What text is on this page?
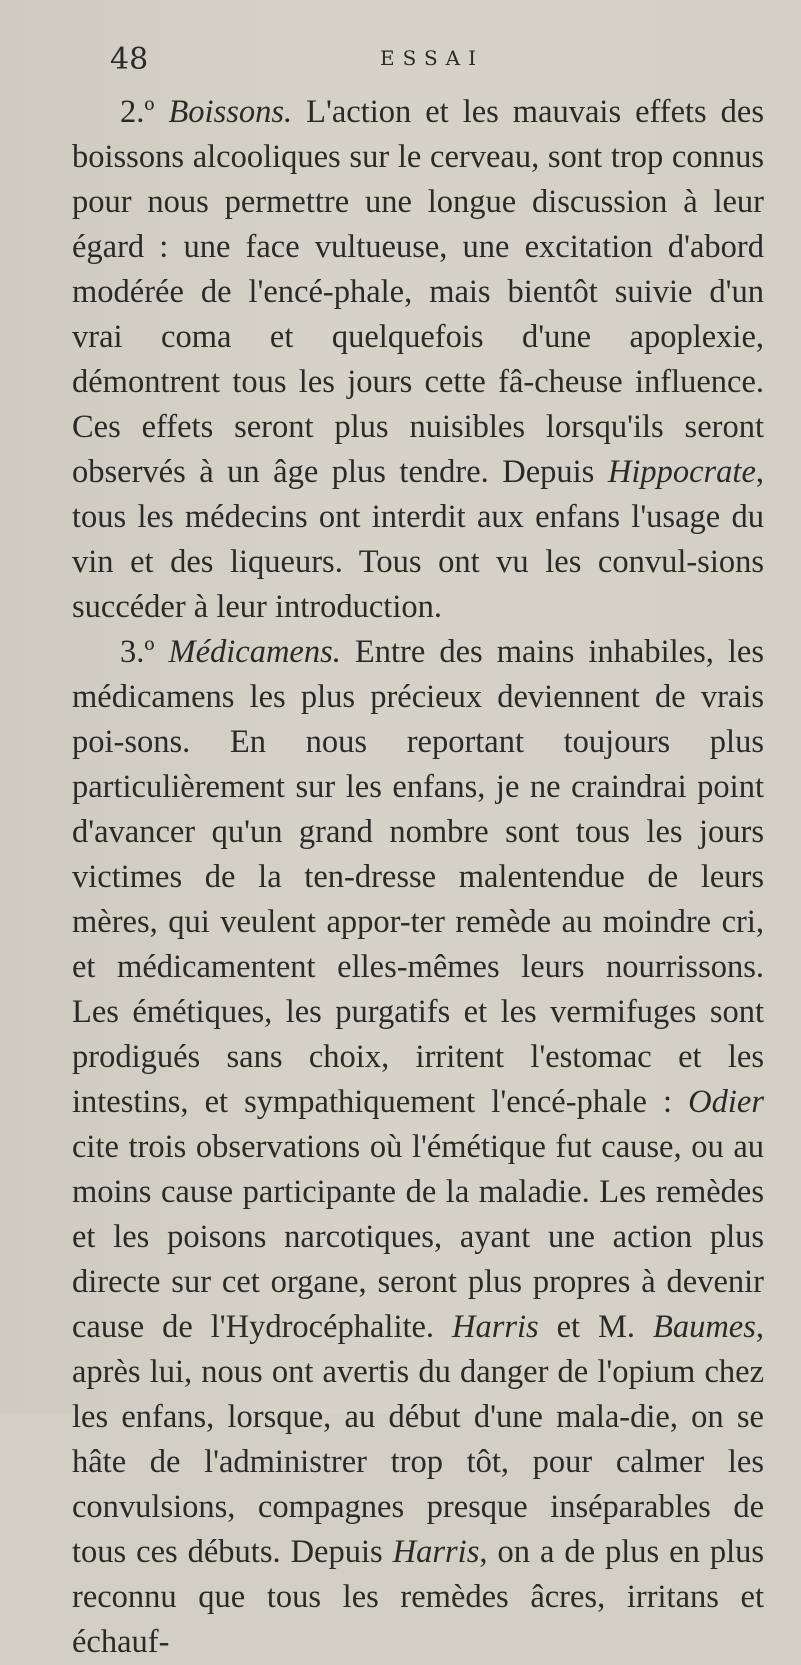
48	ESSAI

2.º Boissons. L'action et les mauvais effets des boissons alcooliques sur le cerveau, sont trop connus pour nous permettre une longue discussion à leur égard : une face vultueuse, une excitation d'abord modérée de l'encé-phale, mais bientôt suivie d'un vrai coma et quelquefois d'une apoplexie, démontrent tous les jours cette fâ-cheuse influence. Ces effets seront plus nuisibles lorsqu'ils seront observés à un âge plus tendre. Depuis Hippocrate, tous les médecins ont interdit aux enfans l'usage du vin et des liqueurs. Tous ont vu les convul-sions succéder à leur introduction.

3.º Médicamens. Entre des mains inhabiles, les médicamens les plus précieux deviennent de vrais poi-sons. En nous reportant toujours plus particulièrement sur les enfans, je ne craindrai point d'avancer qu'un grand nombre sont tous les jours victimes de la ten-dresse malentendue de leurs mères, qui veulent appor-ter remède au moindre cri, et médicamentent elles-mêmes leurs nourrissons. Les émétiques, les purgatifs et les vermifuges sont prodigués sans choix, irritent l'estomac et les intestins, et sympathiquement l'encé-phale : Odier cite trois observations où l'émétique fut cause, ou au moins cause participante de la maladie. Les remèdes et les poisons narcotiques, ayant une action plus directe sur cet organe, seront plus propres à devenir cause de l'Hydrocéphalite. Harris et M. Baumes, après lui, nous ont avertis du danger de l'opium chez les enfans, lorsque, au début d'une mala-die, on se hâte de l'administrer trop tôt, pour calmer les convulsions, compagnes presque inséparables de tous ces débuts. Depuis Harris, on a de plus en plus reconnu que tous les remèdes âcres, irritans et échauf-
